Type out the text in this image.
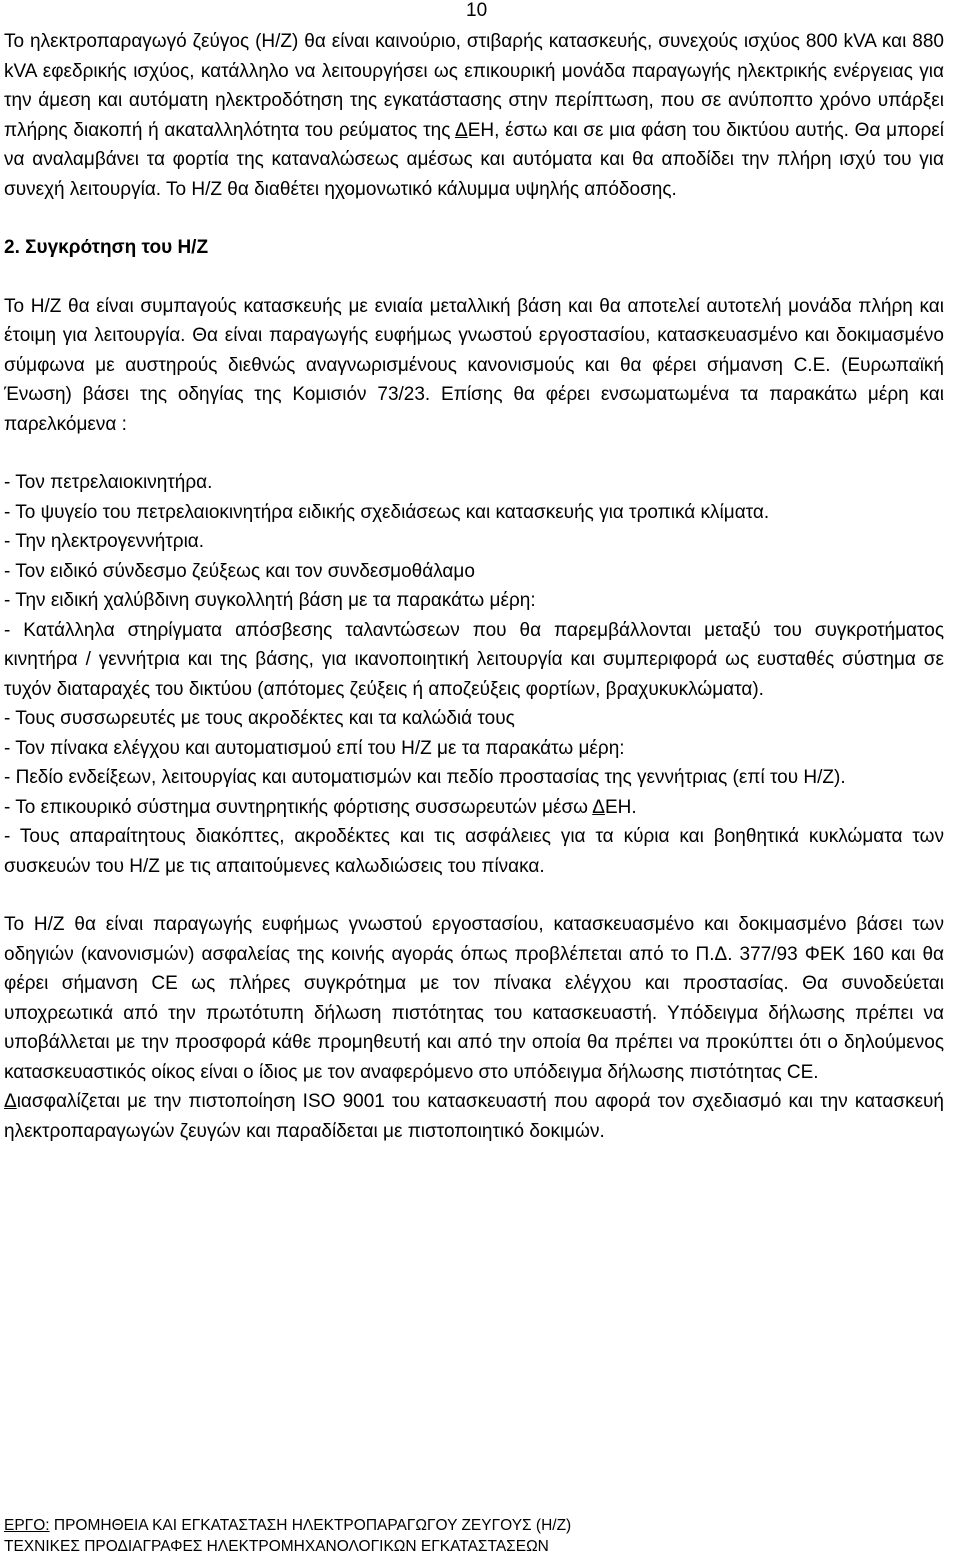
10

Το ηλεκτροπαραγωγό ζεύγος (Η/Ζ) θα είναι καινούριο, στιβαρής κατασκευής, συνεχούς ισχύος 800 kVA και 880 kVA εφεδρικής ισχύος, κατάλληλο να λειτουργήσει ως επικουρική μονάδα παραγωγής ηλεκτρικής ενέργειας για την άμεση και αυτόματη ηλεκτροδότηση της εγκατάστασης στην περίπτωση, που σε ανύποπτο χρόνο υπάρξει πλήρης διακοπή ή ακαταλληλότητα του ρεύματος της ΔΕΗ, έστω και σε μια φάση του δικτύου αυτής. Θα μπορεί να αναλαμβάνει τα φορτία της καταναλώσεως αμέσως και αυτόματα και θα αποδίδει την πλήρη ισχύ του για συνεχή λειτουργία. Το Η/Ζ θα διαθέτει ηχομονωτικό κάλυμμα υψηλής απόδοσης.

2. Συγκρότηση του Η/Ζ

Το Η/Ζ θα είναι συμπαγούς κατασκευής με ενιαία μεταλλική βάση και θα αποτελεί αυτοτελή μονάδα πλήρη και έτοιμη για λειτουργία. Θα είναι παραγωγής ευφήμως γνωστού εργοστασίου, κατασκευασμένο και δοκιμασμένο σύμφωνα με αυστηρούς διεθνώς αναγνωρισμένους κανονισμούς και θα φέρει σήμανση C.E. (Ευρωπαϊκή Ένωση) βάσει της οδηγίας της Κομισιόν 73/23. Επίσης θα φέρει ενσωματωμένα τα παρακάτω μέρη και παρελκόμενα :

- Τον πετρελαιοκινητήρα.

- Το ψυγείο του πετρελαιοκινητήρα ειδικής σχεδιάσεως και κατασκευής για τροπικά κλίματα.

- Την ηλεκτρογεννήτρια.

- Τον ειδικό σύνδεσμο ζεύξεως και τον συνδεσμοθάλαμο

- Την ειδική χαλύβδινη συγκολλητή βάση με τα παρακάτω μέρη:

- Κατάλληλα στηρίγματα απόσβεσης ταλαντώσεων που θα παρεμβάλλονται μεταξύ του συγκροτήματος κινητήρα / γεννήτρια και της βάσης, για ικανοποιητική λειτουργία και συμπεριφορά ως ευσταθές σύστημα σε τυχόν διαταραχές του δικτύου (απότομες ζεύξεις ή αποζεύξεις φορτίων, βραχυκυκλώματα).

- Τους συσσωρευτές με τους ακροδέκτες και τα καλώδιά τους

- Τον πίνακα ελέγχου και αυτοματισμού επί του Η/Ζ με τα παρακάτω μέρη:

- Πεδίο ενδείξεων, λειτουργίας και αυτοματισμών και πεδίο προστασίας της γεννήτριας (επί του Η/Ζ).

- Το επικουρικό σύστημα συντηρητικής φόρτισης συσσωρευτών μέσω ΔΕΗ.

- Τους απαραίτητους διακόπτες, ακροδέκτες και τις ασφάλειες για τα κύρια και βοηθητικά κυκλώματα των συσκευών του Η/Ζ με τις απαιτούμενες καλωδιώσεις του πίνακα.

Το Η/Ζ θα είναι παραγωγής ευφήμως γνωστού εργοστασίου, κατασκευασμένο και δοκιμασμένο βάσει των οδηγιών (κανονισμών) ασφαλείας της κοινής αγοράς όπως προβλέπεται από το Π.Δ. 377/93 ΦΕΚ 160 και θα φέρει σήμανση CE ως πλήρες συγκρότημα με τον πίνακα ελέγχου και προστασίας. Θα συνοδεύεται υποχρεωτικά από την πρωτότυπη δήλωση πιστότητας του κατασκευαστή. Υπόδειγμα δήλωσης πρέπει να υποβάλλεται με την προσφορά κάθε προμηθευτή και από την οποία θα πρέπει να προκύπτει ότι ο δηλούμενος κατασκευαστικός οίκος είναι ο ίδιος με τον αναφερόμενο στο υπόδειγμα δήλωσης πιστότητας CE.

Διασφαλίζεται με την πιστοποίηση ISO 9001 του κατασκευαστή που αφορά τον σχεδιασμό και την κατασκευή ηλεκτροπαραγωγών ζευγών και παραδίδεται με πιστοποιητικό δοκιμών.

ΕΡΓΟ: ΠΡΟΜΗΘΕΙΑ ΚΑΙ ΕΓΚΑΤΑΣΤΑΣΗ ΗΛΕΚΤΡΟΠΑΡΑΓΩΓΟΥ ΖΕΥΓΟΥΣ (Η/Ζ)
ΤΕΧΝΙΚΕΣ ΠΡΟΔΙΑΓΡΑΦΕΣ ΗΛΕΚΤΡΟΜΗΧΑΝΟΛΟΓΙΚΩΝ ΕΓΚΑΤΑΣΤΑΣΕΩΝ
